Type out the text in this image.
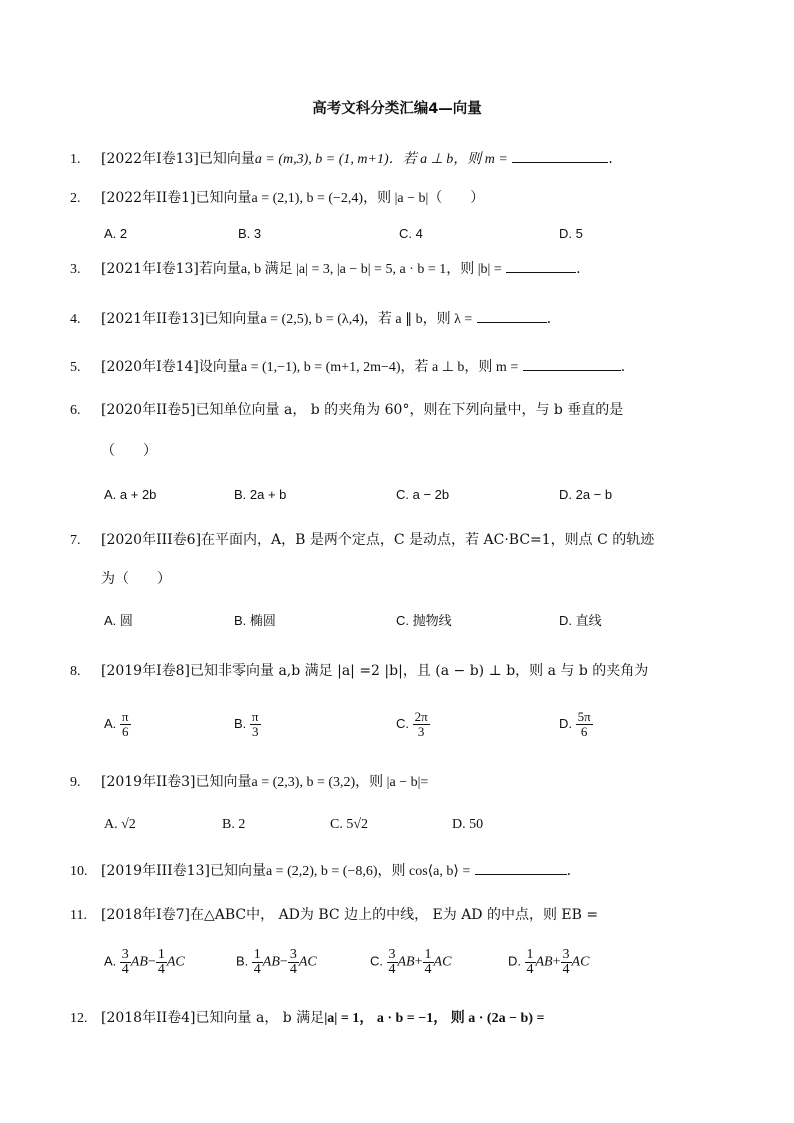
高考文科分类汇编4—向量
1. [2022年I卷13]已知向量a = (m,3), b = (1, m+1)．若 a ⊥ b，则 m =	．
2. [2022年II卷1]已知向量a = (2,1), b = (−2,4)，则 |a − b|（　　）
A. 2	B. 3	C. 4	D. 5
3. [2021年I卷13]若向量a, b 满足 |a| = 3, |a − b| = 5, a · b = 1，则 |b| =	.
4. [2021年II卷13]已知向量a = (2,5), b = (λ,4)，若 a ∥ b，则 λ =	．
5. [2020年I卷14]设向量a = (1,−1), b = (m+1, 2m−4)，若 a ⊥ b，则 m =	.
6. [2020年II卷5]已知单位向量 a， b 的夹角为 60°，则在下列向量中，与 b 垂直的是
（　　）
A. a + 2b	B. 2a + b	C. a − 2b	D. 2a − b
7. [2020年III卷6]在平面内，A，B 是两个定点，C 是动点，若 AC·BC=1，则点 C 的轨迹
为（　　）
A. 圆	B. 椭圆	C. 抛物线	D. 直线
8. [2019年I卷8]已知非零向量 a,b 满足 |a| =2 |b|，且 (a − b) ⊥ b，则 a 与 b 的夹角为
A. $\frac{\pi}{6}$	B. $\frac{\pi}{3}$	C. $\frac{2\pi}{3}$	D. $\frac{5\pi}{6}$
9. [2019年II卷3]已知向量a = (2,3), b = (3,2)，则 |a − b|=
A. √2	B. 2	C. 5√2	D. 50
10. [2019年III卷13]已知向量a = (2,2), b = (−8,6)，则 cos⟨a, b⟩ =	．
11. [2018年I卷7]在△ABC中， AD为 BC 边上的中线， E为 AD 的中点，则 EB =
A. $\frac{3}{4} AB- \frac{1}{4}$ AC	B. $\frac{1}{4} AB- \frac{3}{4}$ AC	C. $\frac{3}{4} AB+ \frac{1}{4}$ AC	D. $\frac{1}{4} AB+ \frac{3}{4}$ AC
12. [2018年II卷4]已知向量 a， b 满足|a| = 1， a · b = −1， 则 a · (2a − b) =
